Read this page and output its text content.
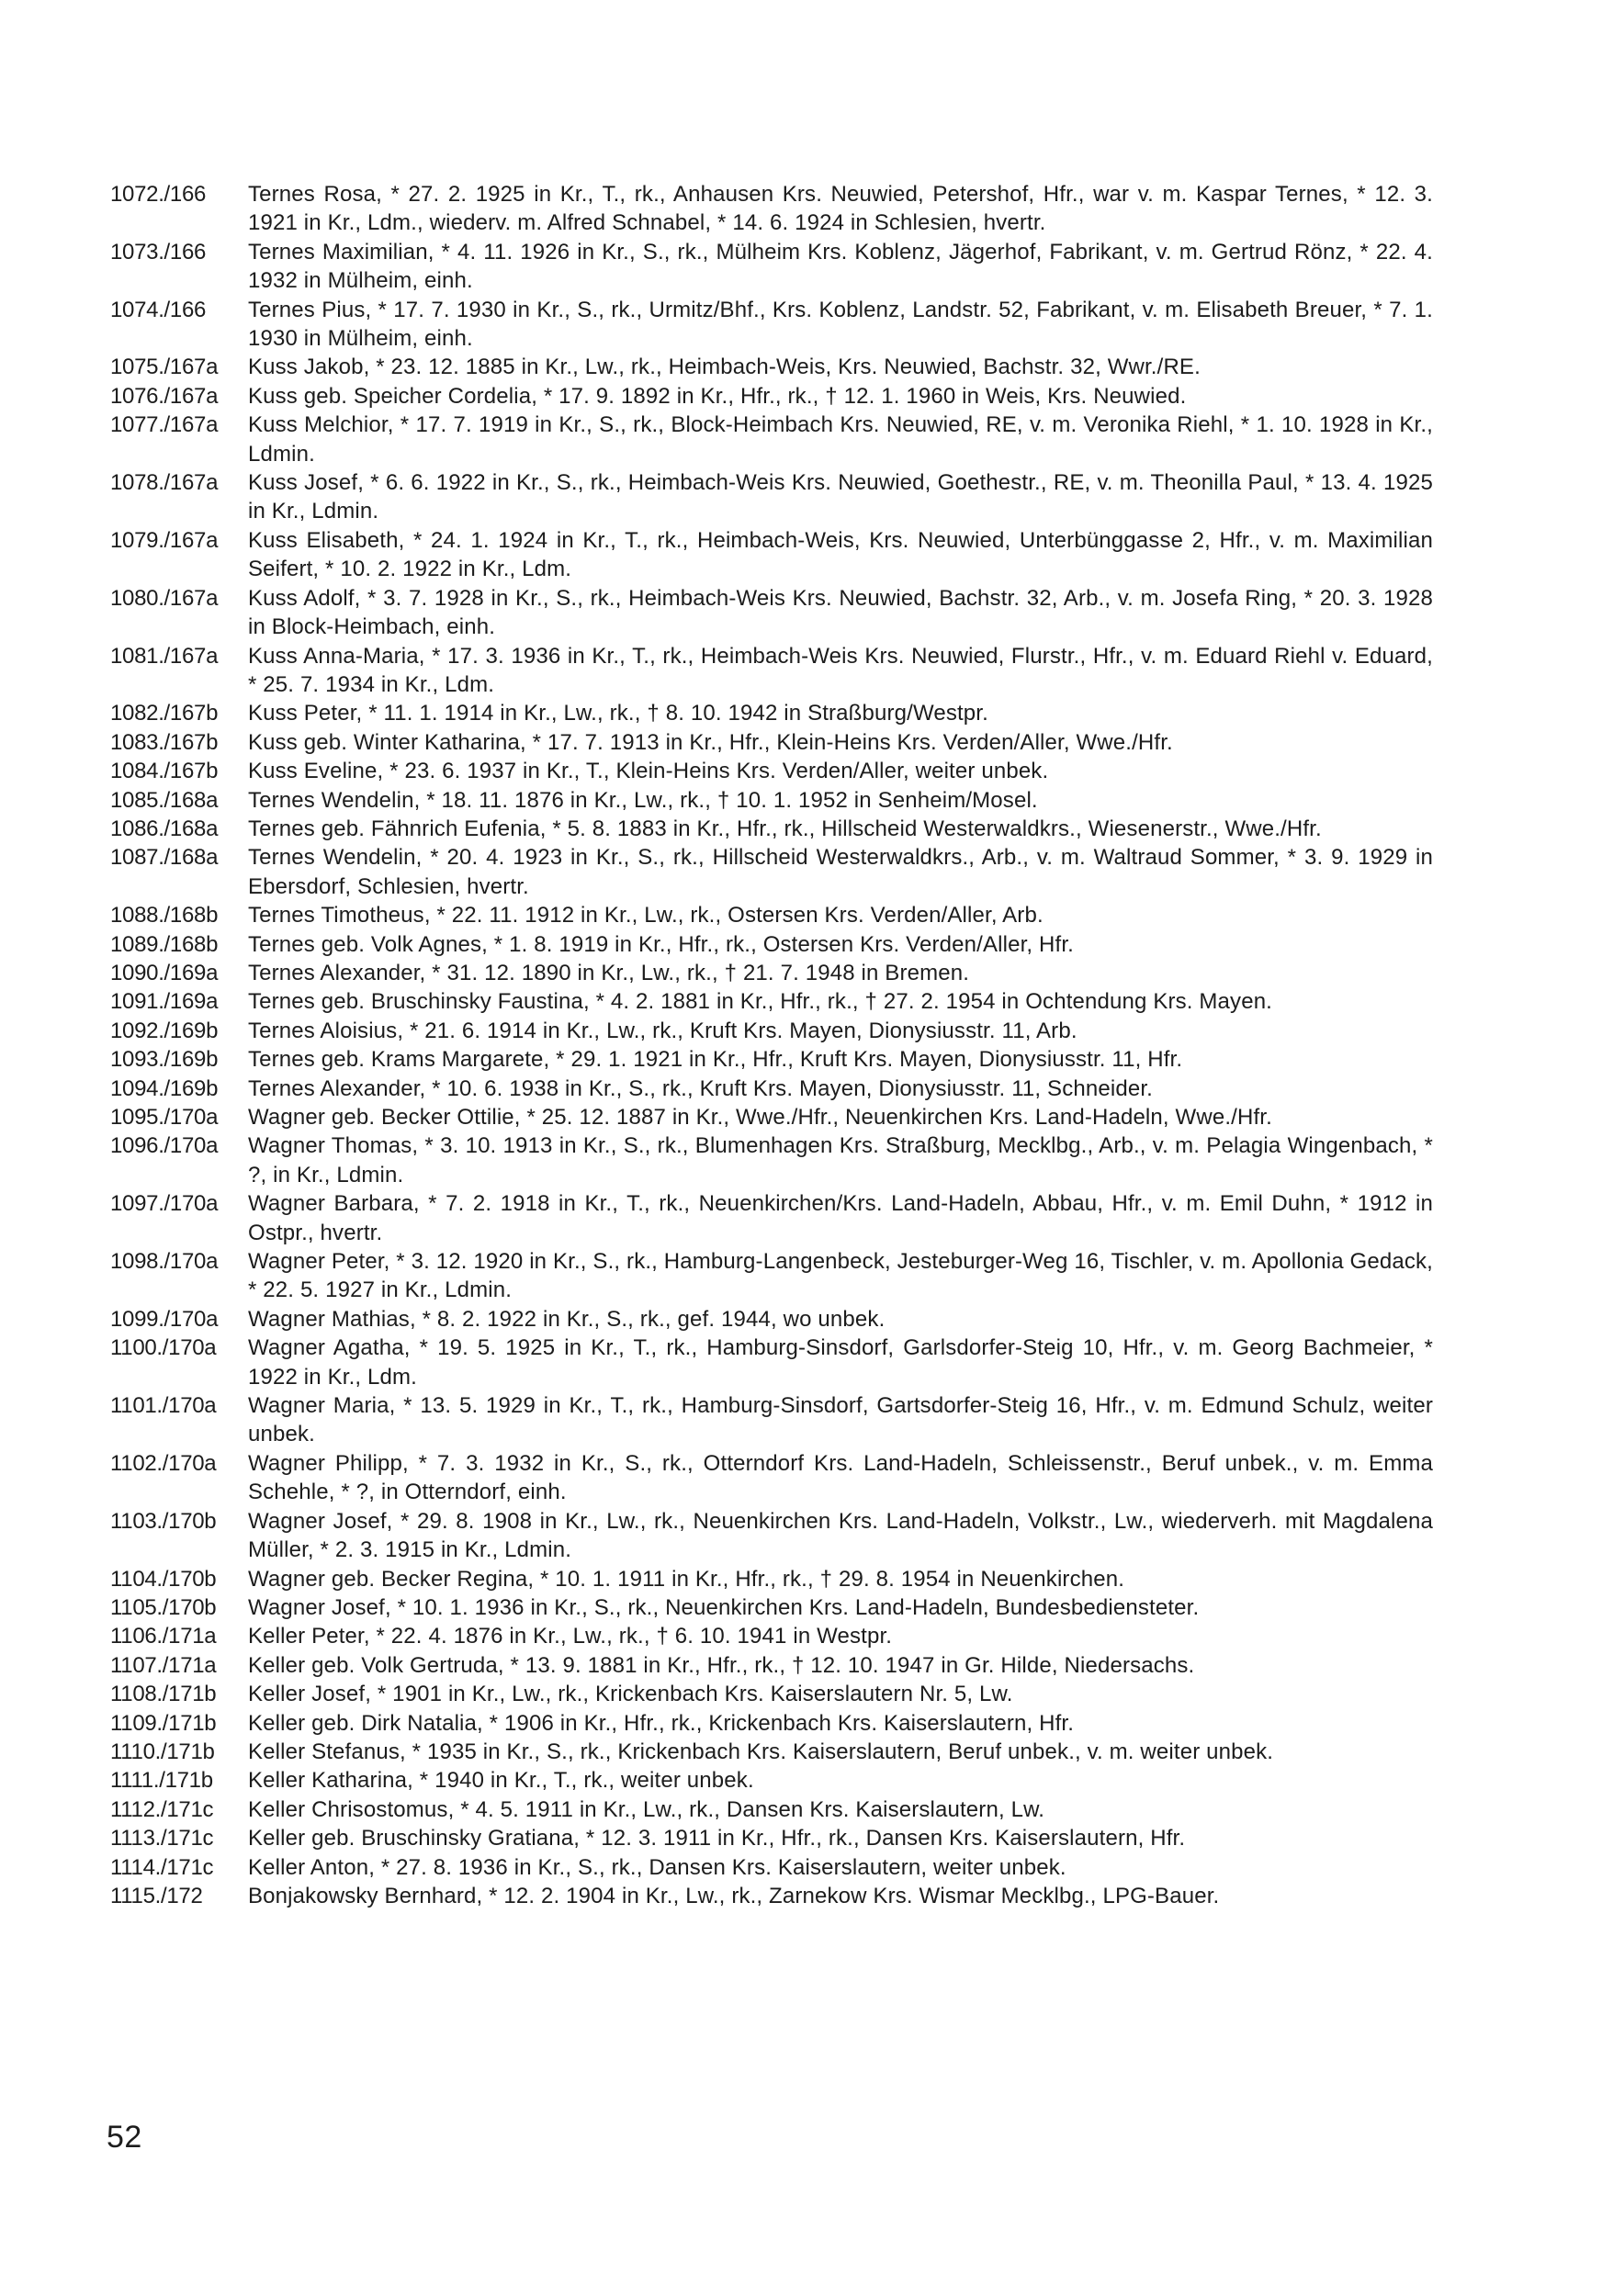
1072./166	Ternes Rosa, * 27. 2. 1925 in Kr., T., rk., Anhausen Krs. Neuwied, Petershof, Hfr., war v. m. Kaspar Ternes, * 12. 3. 1921 in Kr., Ldm., wiederv. m. Alfred Schnabel, * 14. 6. 1924 in Schlesien, hvertr.
1073./166	Ternes Maximilian, * 4. 11. 1926 in Kr., S., rk., Mülheim Krs. Koblenz, Jägerhof, Fabrikant, v. m. Gertrud Rönz, * 22. 4. 1932 in Mülheim, einh.
1074./166	Ternes Pius, * 17. 7. 1930 in Kr., S., rk., Urmitz/Bhf., Krs. Koblenz, Landstr. 52, Fabrikant, v. m. Elisabeth Breuer, * 7. 1. 1930 in Mülheim, einh.
1075./167a	Kuss Jakob, * 23. 12. 1885 in Kr., Lw., rk., Heimbach-Weis, Krs. Neuwied, Bachstr. 32, Wwr./RE.
1076./167a	Kuss geb. Speicher Cordelia, * 17. 9. 1892 in Kr., Hfr., rk., † 12. 1. 1960 in Weis, Krs. Neuwied.
1077./167a	Kuss Melchior, * 17. 7. 1919 in Kr., S., rk., Block-Heimbach Krs. Neuwied, RE, v. m. Veronika Riehl, * 1. 10. 1928 in Kr., Ldmin.
1078./167a	Kuss Josef, * 6. 6. 1922 in Kr., S., rk., Heimbach-Weis Krs. Neuwied, Goethestr., RE, v. m. Theonilla Paul, * 13. 4. 1925 in Kr., Ldmin.
1079./167a	Kuss Elisabeth, * 24. 1. 1924 in Kr., T., rk., Heimbach-Weis, Krs. Neuwied, Unterbünggasse 2, Hfr., v. m. Maximilian Seifert, * 10. 2. 1922 in Kr., Ldm.
1080./167a	Kuss Adolf, * 3. 7. 1928 in Kr., S., rk., Heimbach-Weis Krs. Neuwied, Bachstr. 32, Arb., v. m. Josefa Ring, * 20. 3. 1928 in Block-Heimbach, einh.
1081./167a	Kuss Anna-Maria, * 17. 3. 1936 in Kr., T., rk., Heimbach-Weis Krs. Neuwied, Flurstr., Hfr., v. m. Eduard Riehl v. Eduard, * 25. 7. 1934 in Kr., Ldm.
1082./167b	Kuss Peter, * 11. 1. 1914 in Kr., Lw., rk., † 8. 10. 1942 in Straßburg/Westpr.
1083./167b	Kuss geb. Winter Katharina, * 17. 7. 1913 in Kr., Hfr., Klein-Heins Krs. Verden/Aller, Wwe./Hfr.
1084./167b	Kuss Eveline, * 23. 6. 1937 in Kr., T., Klein-Heins Krs. Verden/Aller, weiter unbek.
1085./168a	Ternes Wendelin, * 18. 11. 1876 in Kr., Lw., rk., † 10. 1. 1952 in Senheim/Mosel.
1086./168a	Ternes geb. Fähnrich Eufenia, * 5. 8. 1883 in Kr., Hfr., rk., Hillscheid Westerwaldkrs., Wiesenerstr., Wwe./Hfr.
1087./168a	Ternes Wendelin, * 20. 4. 1923 in Kr., S., rk., Hillscheid Westerwaldkrs., Arb., v. m. Waltraud Sommer, * 3. 9. 1929 in Ebersdorf, Schlesien, hvertr.
1088./168b	Ternes Timotheus, * 22. 11. 1912 in Kr., Lw., rk., Ostersen Krs. Verden/Aller, Arb.
1089./168b	Ternes geb. Volk Agnes, * 1. 8. 1919 in Kr., Hfr., rk., Ostersen Krs. Verden/Aller, Hfr.
1090./169a	Ternes Alexander, * 31. 12. 1890 in Kr., Lw., rk., † 21. 7. 1948 in Bremen.
1091./169a	Ternes geb. Bruschinsky Faustina, * 4. 2. 1881 in Kr., Hfr., rk., † 27. 2. 1954 in Ochtendung Krs. Mayen.
1092./169b	Ternes Aloisius, * 21. 6. 1914 in Kr., Lw., rk., Kruft Krs. Mayen, Dionysiusstr. 11, Arb.
1093./169b	Ternes geb. Krams Margarete, * 29. 1. 1921 in Kr., Hfr., Kruft Krs. Mayen, Dionysiusstr. 11, Hfr.
1094./169b	Ternes Alexander, * 10. 6. 1938 in Kr., S., rk., Kruft Krs. Mayen, Dionysiusstr. 11, Schneider.
1095./170a	Wagner geb. Becker Ottilie, * 25. 12. 1887 in Kr., Wwe./Hfr., Neuenkirchen Krs. Land-Hadeln, Wwe./Hfr.
1096./170a	Wagner Thomas, * 3. 10. 1913 in Kr., S., rk., Blumenhagen Krs. Straßburg, Mecklbg., Arb., v. m. Pelagia Wingenbach, * ?, in Kr., Ldmin.
1097./170a	Wagner Barbara, * 7. 2. 1918 in Kr., T., rk., Neuenkirchen/Krs. Land-Hadeln, Abbau, Hfr., v. m. Emil Duhn, * 1912 in Ostpr., hvertr.
1098./170a	Wagner Peter, * 3. 12. 1920 in Kr., S., rk., Hamburg-Langenbeck, Jesteburger-Weg 16, Tischler, v. m. Apollonia Gedack, * 22. 5. 1927 in Kr., Ldmin.
1099./170a	Wagner Mathias, * 8. 2. 1922 in Kr., S., rk., gef. 1944, wo unbek.
1100./170a	Wagner Agatha, * 19. 5. 1925 in Kr., T., rk., Hamburg-Sinsdorf, Garlsdorfer-Steig 10, Hfr., v. m. Georg Bachmeier, * 1922 in Kr., Ldm.
1101./170a	Wagner Maria, * 13. 5. 1929 in Kr., T., rk., Hamburg-Sinsdorf, Gartsdorfer-Steig 16, Hfr., v. m. Edmund Schulz, weiter unbek.
1102./170a	Wagner Philipp, * 7. 3. 1932 in Kr., S., rk., Otterndorf Krs. Land-Hadeln, Schleissenstr., Beruf unbek., v. m. Emma Schehle, * ?, in Otterndorf, einh.
1103./170b	Wagner Josef, * 29. 8. 1908 in Kr., Lw., rk., Neuenkirchen Krs. Land-Hadeln, Volkstr., Lw., wiederverh. mit Magdalena Müller, * 2. 3. 1915 in Kr., Ldmin.
1104./170b	Wagner geb. Becker Regina, * 10. 1. 1911 in Kr., Hfr., rk., † 29. 8. 1954 in Neuenkirchen.
1105./170b	Wagner Josef, * 10. 1. 1936 in Kr., S., rk., Neuenkirchen Krs. Land-Hadeln, Bundesbediensteter.
1106./171a	Keller Peter, * 22. 4. 1876 in Kr., Lw., rk., † 6. 10. 1941 in Westpr.
1107./171a	Keller geb. Volk Gertruda, * 13. 9. 1881 in Kr., Hfr., rk., † 12. 10. 1947 in Gr. Hilde, Niedersachs.
1108./171b	Keller Josef, * 1901 in Kr., Lw., rk., Krickenbach Krs. Kaiserslautern Nr. 5, Lw.
1109./171b	Keller geb. Dirk Natalia, * 1906 in Kr., Hfr., rk., Krickenbach Krs. Kaiserslautern, Hfr.
1110./171b	Keller Stefanus, * 1935 in Kr., S., rk., Krickenbach Krs. Kaiserslautern, Beruf unbek., v. m. weiter unbek.
1111./171b	Keller Katharina, * 1940 in Kr., T., rk., weiter unbek.
1112./171c	Keller Chrisostomus, * 4. 5. 1911 in Kr., Lw., rk., Dansen Krs. Kaiserslautern, Lw.
1113./171c	Keller geb. Bruschinsky Gratiana, * 12. 3. 1911 in Kr., Hfr., rk., Dansen Krs. Kaiserslautern, Hfr.
1114./171c	Keller Anton, * 27. 8. 1936 in Kr., S., rk., Dansen Krs. Kaiserslautern, weiter unbek.
1115./172	Bonjakowsky Bernhard, * 12. 2. 1904 in Kr., Lw., rk., Zarnekow Krs. Wismar Mecklbg., LPG-Bauer.
52
